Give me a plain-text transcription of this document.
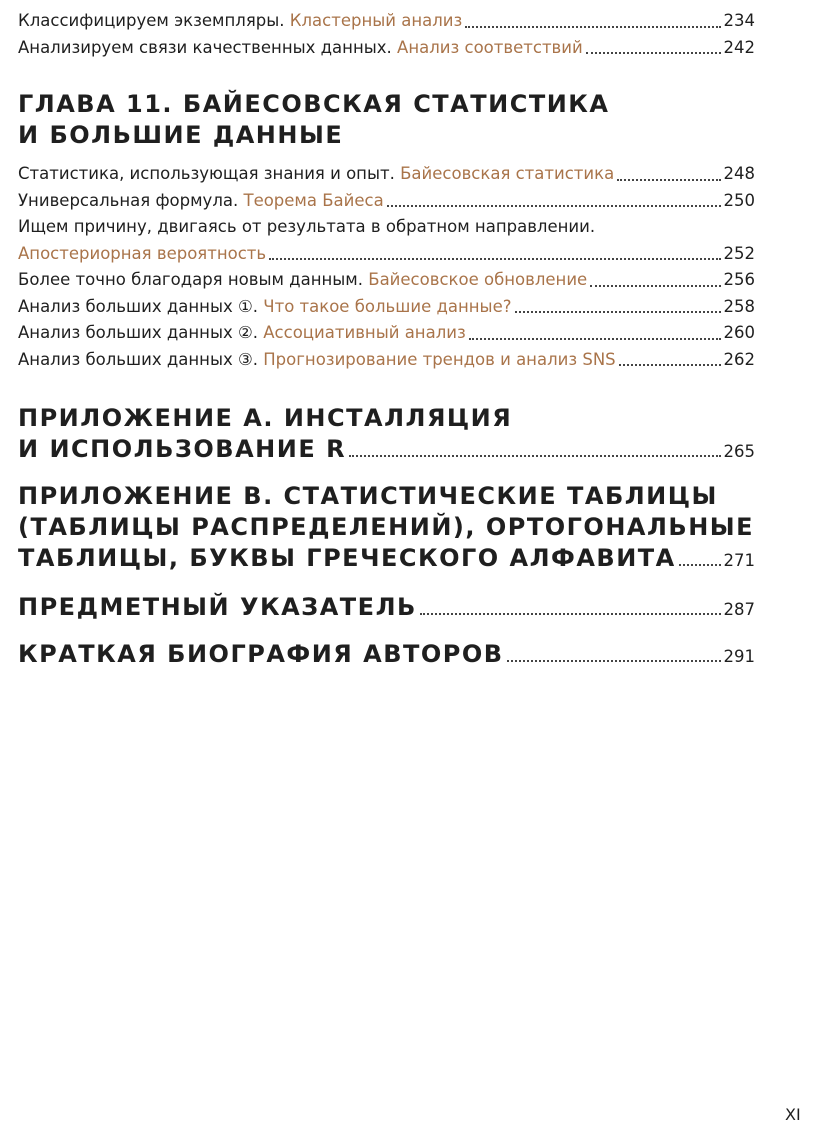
Классифицируем экземпляры. Кластерный анализ	234
Анализируем связи качественных данных. Анализ соответствий	242
ГЛАВА 11. БАЙЕСОВСКАЯ СТАТИСТИКА
И БОЛЬШИЕ ДАННЫЕ
Статистика, использующая знания и опыт. Байесовская статистика	248
Универсальная формула. Теорема Байеса	250
Ищем причину, двигаясь от результата в обратном направлении.
Апостериорная вероятность	252
Более точно благодаря новым данным. Байесовское обновление	256
Анализ больших данных ①. Что такое большие данные?	258
Анализ больших данных ②. Ассоциативный анализ	260
Анализ больших данных ③. Прогнозирование трендов и анализ SNS	262
ПРИЛОЖЕНИЕ А. ИНСТАЛЛЯЦИЯ
И ИСПОЛЬЗОВАНИЕ R	265
ПРИЛОЖЕНИЕ В. СТАТИСТИЧЕСКИЕ ТАБЛИЦЫ
(ТАБЛИЦЫ РАСПРЕДЕЛЕНИЙ), ОРТОГОНАЛЬНЫЕ
ТАБЛИЦЫ, БУКВЫ ГРЕЧЕСКОГО АЛФАВИТА	271
ПРЕДМЕТНЫЙ УКАЗАТЕЛЬ	287
КРАТКАЯ БИОГРАФИЯ АВТОРОВ	291
XI
